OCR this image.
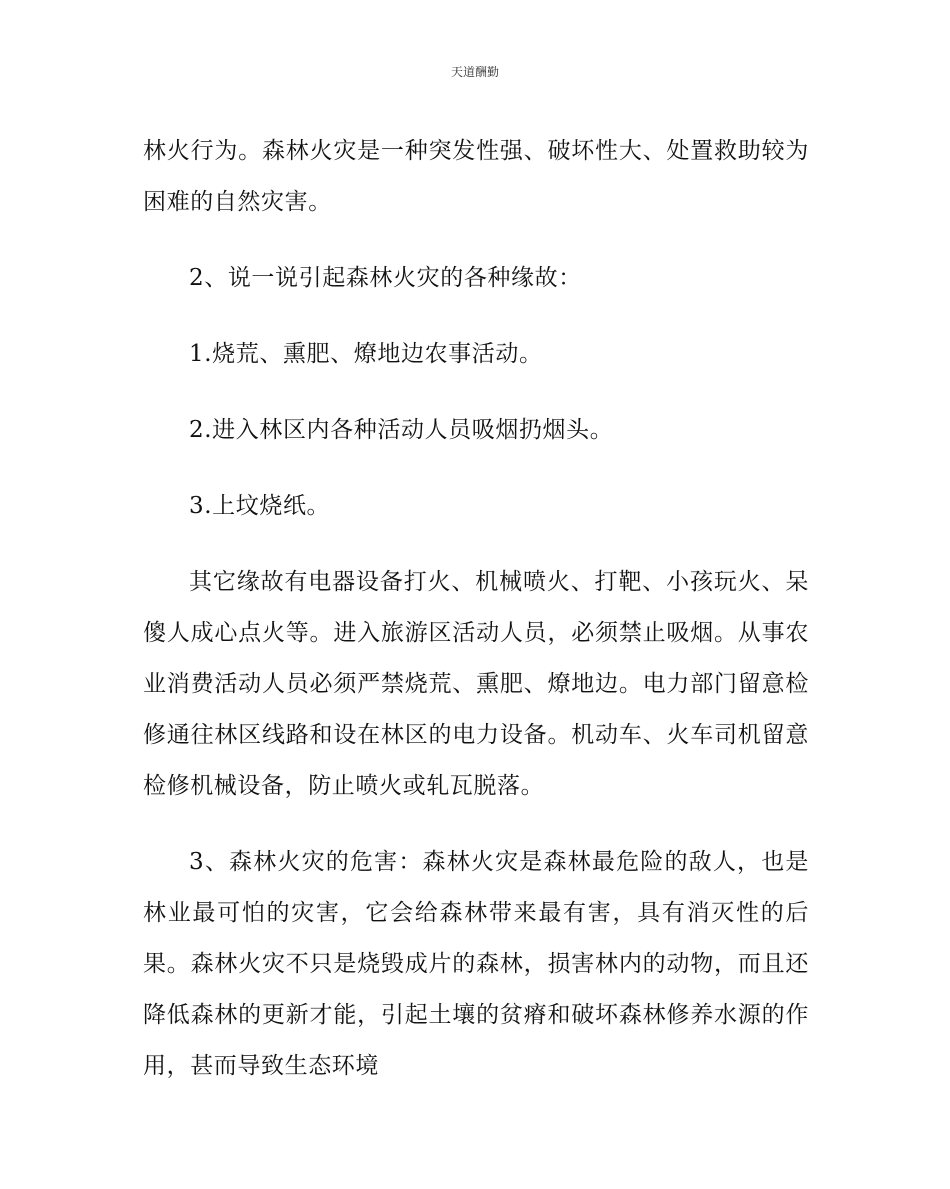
天道酬勤

林火行为。森林火灾是一种突发性强、破坏性大、处置救助较为困难的自然灾害。

2、说一说引起森林火灾的各种缘故：

1.烧荒、熏肥、燎地边农事活动。

2.进入林区内各种活动人员吸烟扔烟头。

3.上坟烧纸。

其它缘故有电器设备打火、机械喷火、打靶、小孩玩火、呆傻人成心点火等。进入旅游区活动人员，必须禁止吸烟。从事农业消费活动人员必须严禁烧荒、熏肥、燎地边。电力部门留意检修通往林区线路和设在林区的电力设备。机动车、火车司机留意检修机械设备，防止喷火或轧瓦脱落。

3、森林火灾的危害：森林火灾是森林最危险的敌人，也是林业最可怕的灾害，它会给森林带来最有害，具有消灭性的后果。森林火灾不只是烧毁成片的森林，损害林内的动物，而且还降低森林的更新才能，引起土壤的贫瘠和破坏森林修养水源的作用，甚而导致生态环境
